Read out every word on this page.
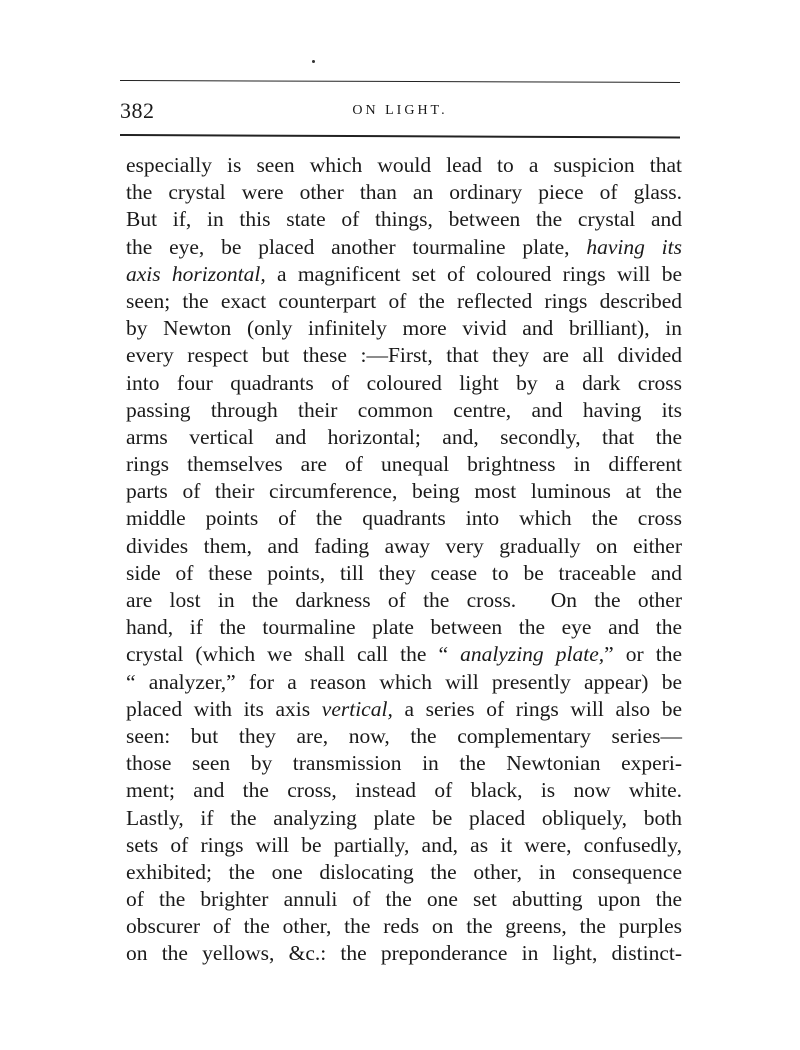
382	ON LIGHT.
especially is seen which would lead to a suspicion that
the crystal were other than an ordinary piece of glass.
But if, in this state of things, between the crystal and
the eye, be placed another tourmaline plate, having its
axis horizontal, a magnificent set of coloured rings will be
seen; the exact counterpart of the reflected rings described
by Newton (only infinitely more vivid and brilliant), in
every respect but these :—First, that they are all divided
into four quadrants of coloured light by a dark cross
passing through their common centre, and having its
arms vertical and horizontal; and, secondly, that the
rings themselves are of unequal brightness in different
parts of their circumference, being most luminous at the
middle points of the quadrants into which the cross
divides them, and fading away very gradually on either
side of these points, till they cease to be traceable and
are lost in the darkness of the cross.  On the other
hand, if the tourmaline plate between the eye and the
crystal (which we shall call the “ analyzing plate,” or the
“ analyzer,” for a reason which will presently appear) be
placed with its axis vertical, a series of rings will also be
seen: but they are, now, the complementary series—
those seen by transmission in the Newtonian experi-
ment; and the cross, instead of black, is now white.
Lastly, if the analyzing plate be placed obliquely, both
sets of rings will be partially, and, as it were, confusedly,
exhibited; the one dislocating the other, in consequence
of the brighter annuli of the one set abutting upon the
obscurer of the other, the reds on the greens, the purples
on the yellows, &c.: the preponderance in light, distinct-
